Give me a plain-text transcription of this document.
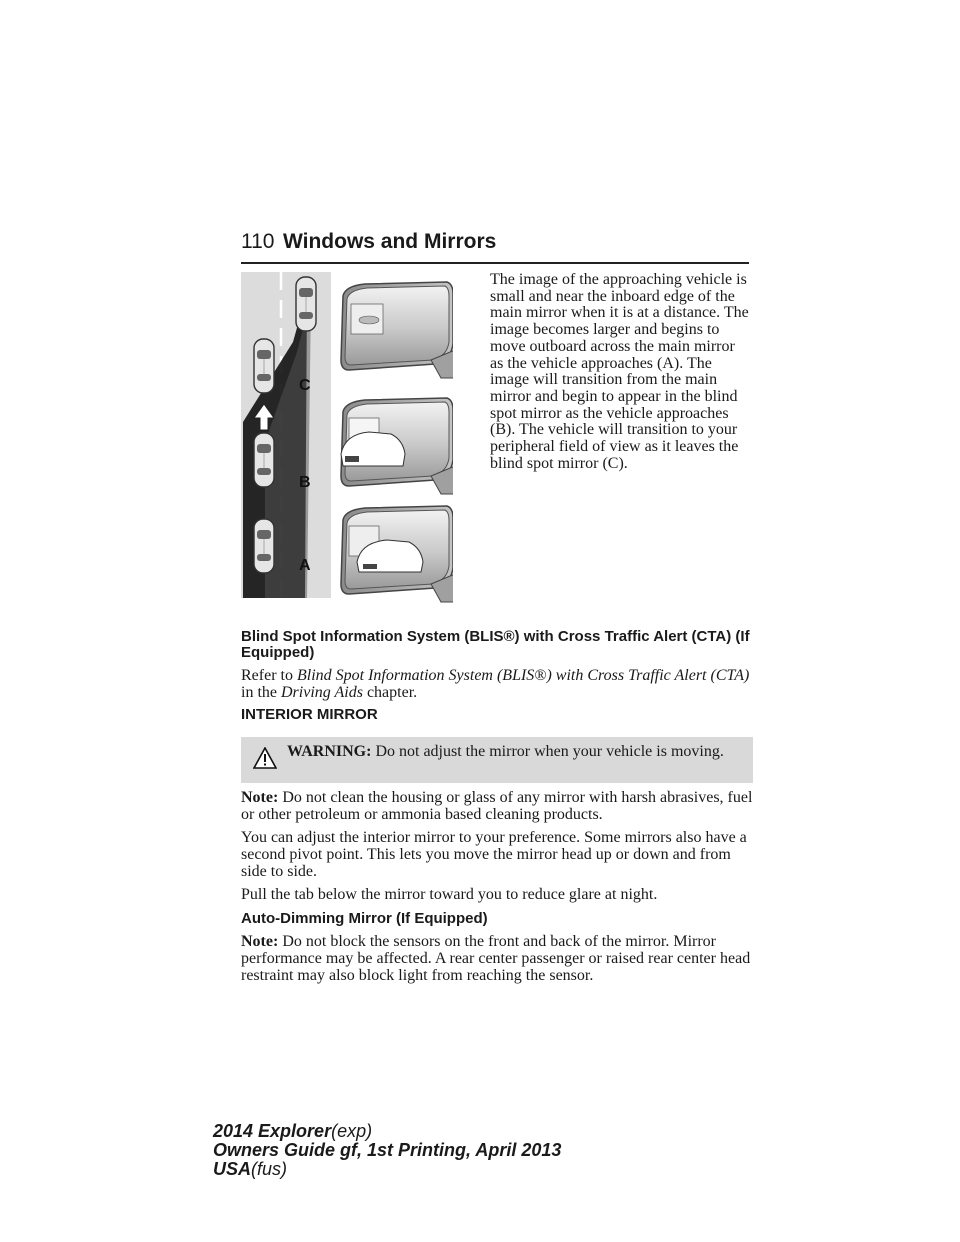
110 Windows and Mirrors
C
B
A

The image of the approaching vehicle is small and near the inboard edge of the main mirror when it is at a distance. The image becomes larger and begins to move outboard across the main mirror as the vehicle approaches (A). The image will transition from the main mirror and begin to appear in the blind spot mirror as the vehicle approaches (B). The vehicle will transition to your peripheral field of view as it leaves the blind spot mirror (C).

Blind Spot Information System (BLIS®) with Cross Traffic Alert (CTA) (If Equipped)

Refer to Blind Spot Information System (BLIS®) with Cross Traffic Alert (CTA) in the Driving Aids chapter.

INTERIOR MIRROR

WARNING: Do not adjust the mirror when your vehicle is moving.

Note: Do not clean the housing or glass of any mirror with harsh abrasives, fuel or other petroleum or ammonia based cleaning products.

You can adjust the interior mirror to your preference. Some mirrors also have a second pivot point. This lets you move the mirror head up or down and from side to side.

Pull the tab below the mirror toward you to reduce glare at night.

Auto-Dimming Mirror (If Equipped)

Note: Do not block the sensors on the front and back of the mirror. Mirror performance may be affected. A rear center passenger or raised rear center head restraint may also block light from reaching the sensor.

2014 Explorer(exp)
Owners Guide gf, 1st Printing, April 2013
USA(fus)
